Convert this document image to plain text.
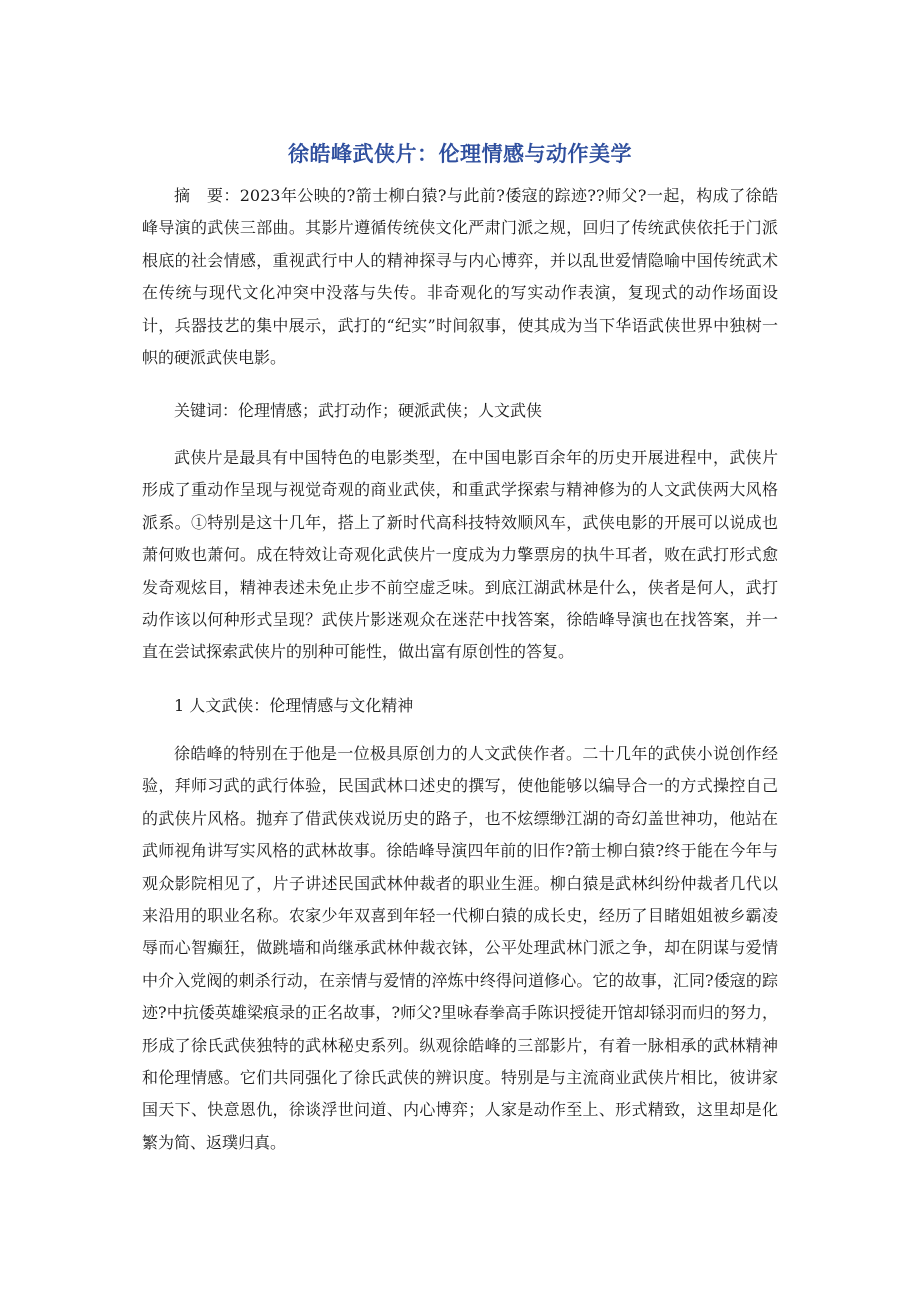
徐皓峰武侠片：伦理情感与动作美学

摘　要：2023年公映的?箭士柳白猿?与此前?倭寇的踪迹??师父?一起，构成了徐皓峰导演的武侠三部曲。其影片遵循传统侠文化严肃门派之规，回归了传统武侠依托于门派根底的社会情感，重视武行中人的精神探寻与内心博弈，并以乱世爱情隐喻中国传统武术在传统与现代文化冲突中没落与失传。非奇观化的写实动作表演，复现式的动作场面设计，兵器技艺的集中展示，武打的“纪实”时间叙事，使其成为当下华语武侠世界中独树一帜的硬派武侠电影。

关键词：伦理情感；武打动作；硬派武侠；人文武侠

武侠片是最具有中国特色的电影类型，在中国电影百余年的历史开展进程中，武侠片形成了重动作呈现与视觉奇观的商业武侠，和重武学探索与精神修为的人文武侠两大风格派系。①特别是这十几年，搭上了新时代高科技特效顺风车，武侠电影的开展可以说成也萧何败也萧何。成在特效让奇观化武侠片一度成为力擎票房的执牛耳者，败在武打形式愈发奇观炫目，精神表述未免止步不前空虚乏味。到底江湖武林是什么，侠者是何人，武打动作该以何种形式呈现？武侠片影迷观众在迷茫中找答案，徐皓峰导演也在找答案，并一直在尝试探索武侠片的别种可能性，做出富有原创性的答复。

1 人文武侠：伦理情感与文化精神

徐皓峰的特别在于他是一位极具原创力的人文武侠作者。二十几年的武侠小说创作经验，拜师习武的武行体验，民国武林口述史的撰写，使他能够以编导合一的方式操控自己的武侠片风格。抛弃了借武侠戏说历史的路子，也不炫缥缈江湖的奇幻盖世神功，他站在武师视角讲写实风格的武林故事。徐皓峰导演四年前的旧作?箭士柳白猿?终于能在今年与观众影院相见了，片子讲述民国武林仲裁者的职业生涯。柳白猿是武林纠纷仲裁者几代以来沿用的职业名称。农家少年双喜到年轻一代柳白猿的成长史，经历了目睹姐姐被乡霸凌辱而心智癫狂，做跳墙和尚继承武林仲裁衣钵，公平处理武林门派之争，却在阴谋与爱情中介入党阀的刺杀行动，在亲情与爱情的淬炼中终得问道修心。它的故事，汇同?倭寇的踪迹?中抗倭英雄梁痕录的正名故事，?师父?里咏春拳高手陈识授徒开馆却铩羽而归的努力，形成了徐氏武侠独特的武林秘史系列。纵观徐皓峰的三部影片，有着一脉相承的武林精神和伦理情感。它们共同强化了徐氏武侠的辨识度。特别是与主流商业武侠片相比，彼讲家国天下、快意恩仇，徐谈浮世问道、内心博弈；人家是动作至上、形式精致，这里却是化繁为简、返璞归真。
